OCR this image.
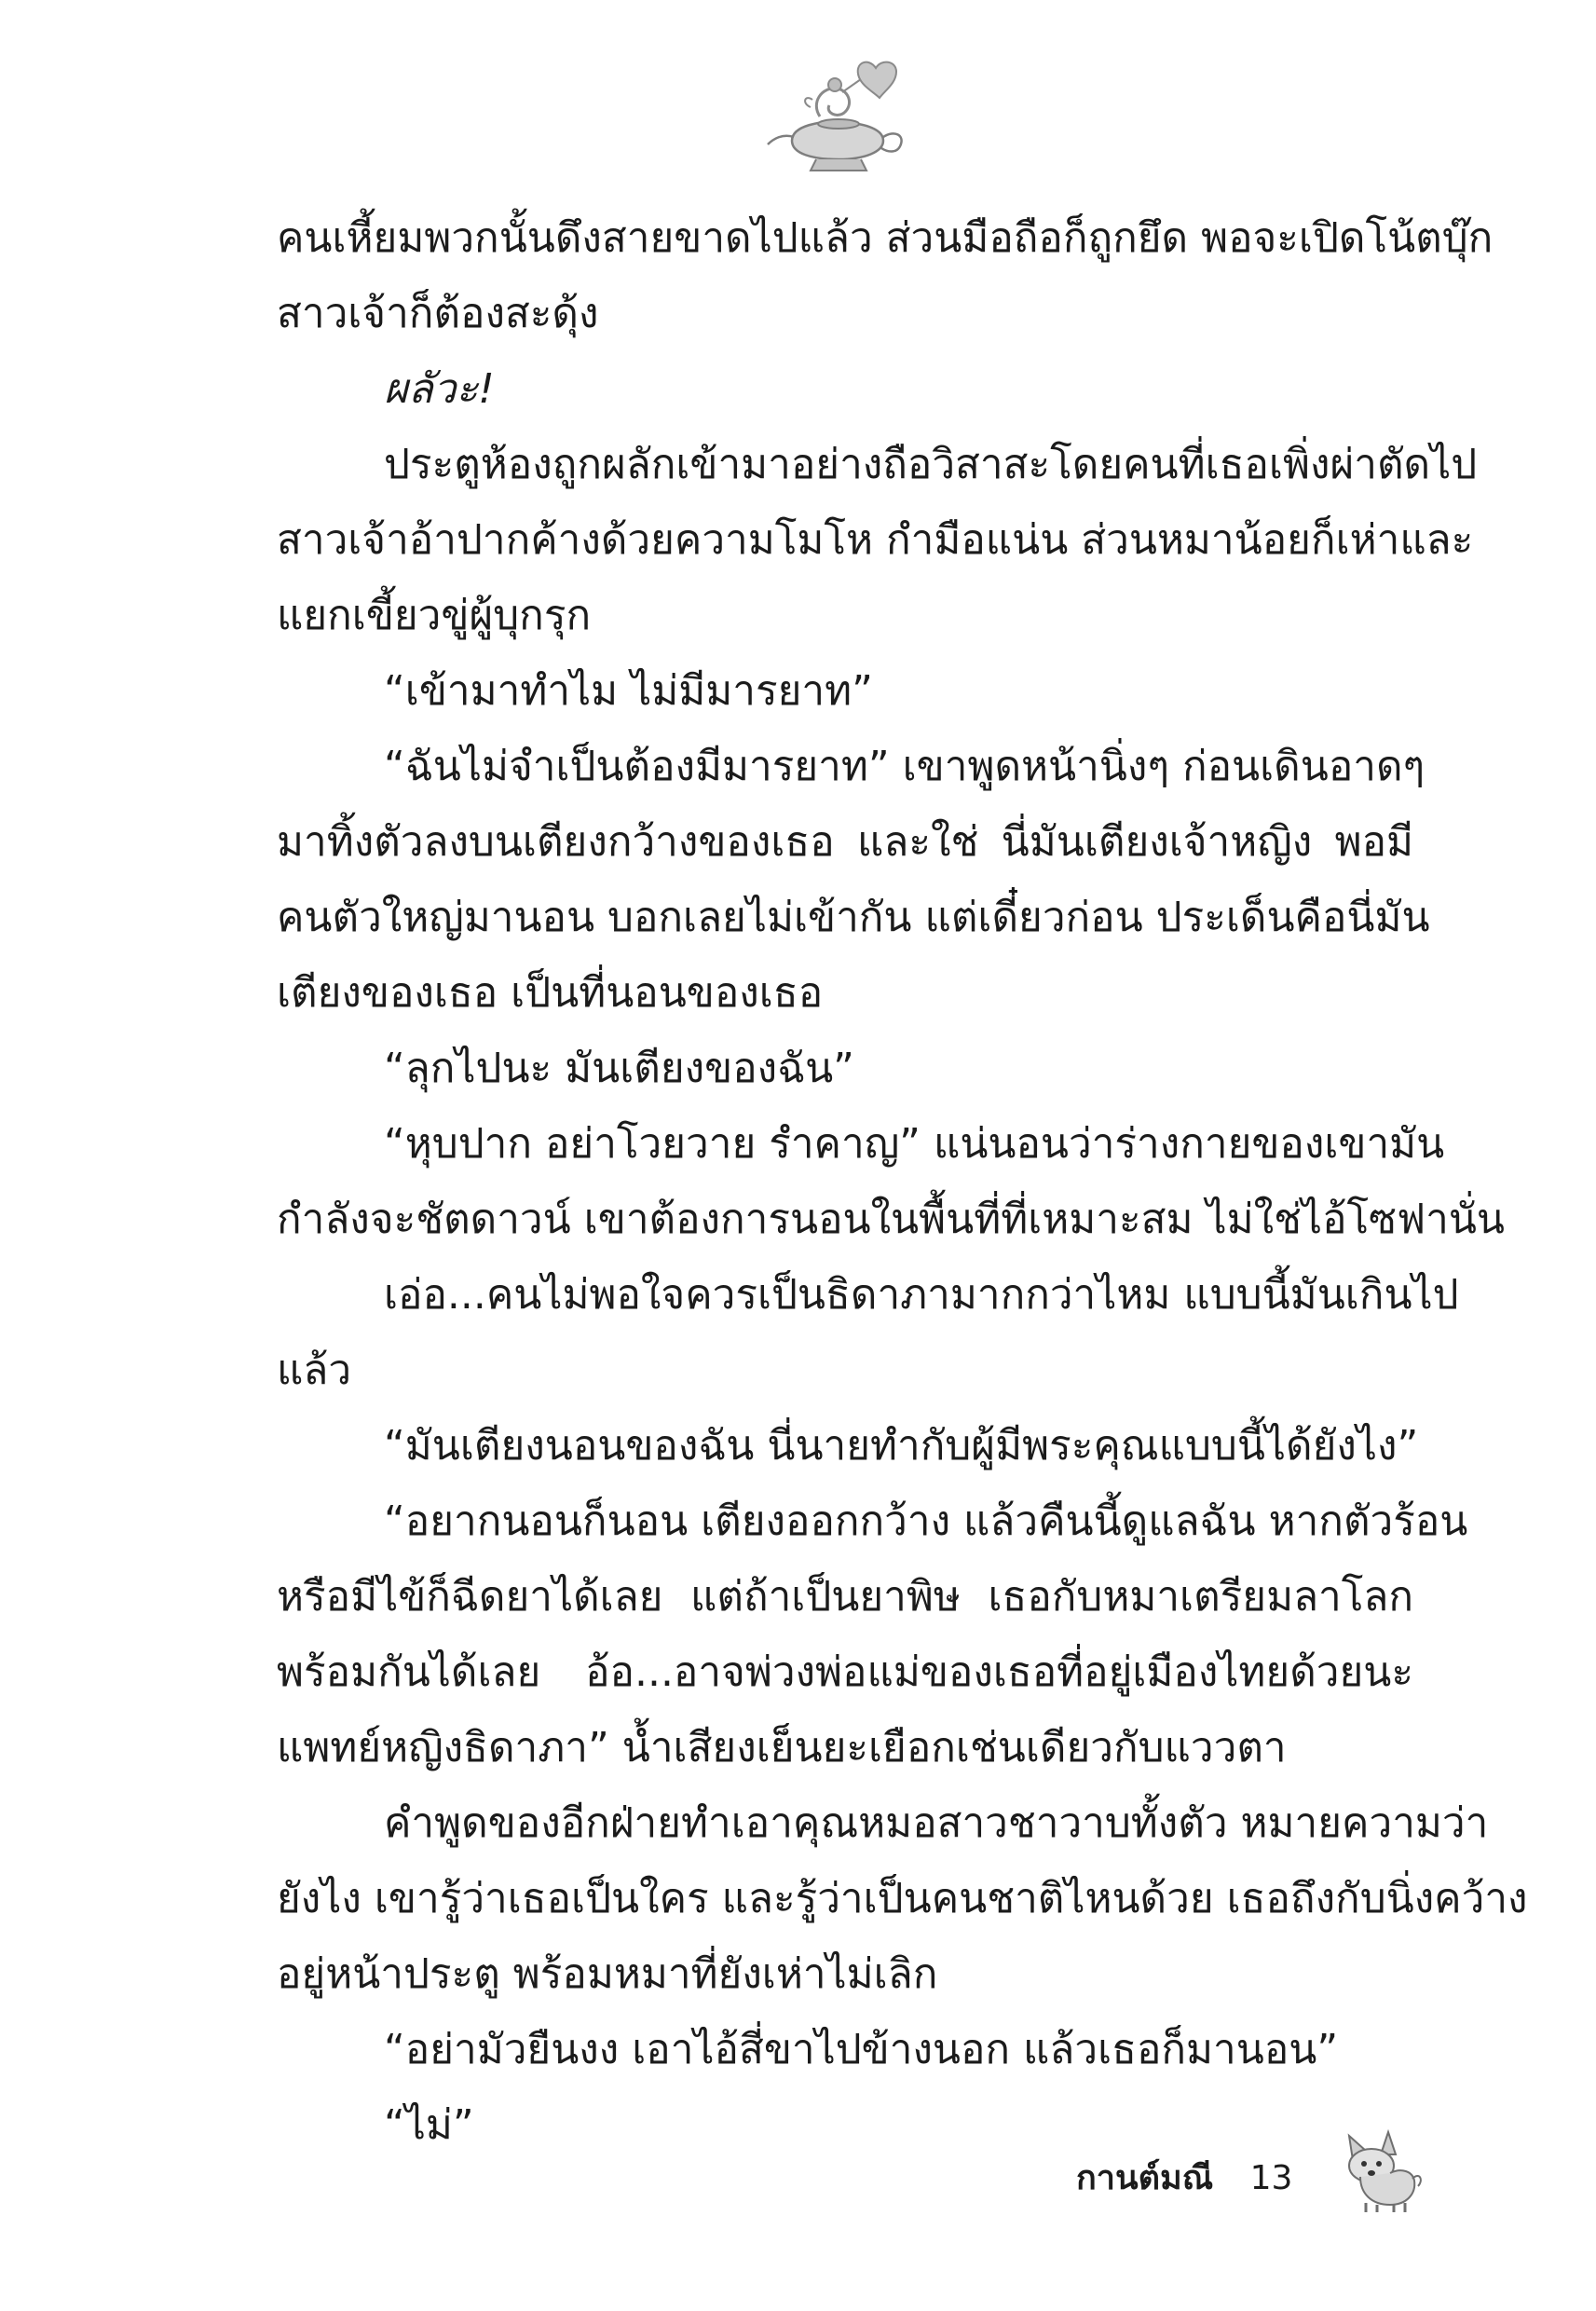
คนเหี้ยมพวกนั้นดึงสายขาดไปแล้ว ส่วนมือถือก็ถูกยึด พอจะเปิดโน้ตบุ๊ก
สาวเจ้าก็ต้องสะดุ้ง
ผลัวะ!
ประตูห้องถูกผลักเข้ามาอย่างถือวิสาสะโดยคนที่เธอเพิ่งผ่าตัดไป
สาวเจ้าอ้าปากค้างด้วยความโมโห กำมือแน่น ส่วนหมาน้อยก็เห่าและ
แยกเขี้ยวขู่ผู้บุกรุก
“เข้ามาทำไม ไม่มีมารยาท”
“ฉันไม่จำเป็นต้องมีมารยาท” เขาพูดหน้านิ่งๆ ก่อนเดินอาดๆ
มาทิ้งตัวลงบนเตียงกว้างของเธอ และใช่ นี่มันเตียงเจ้าหญิง พอมี
คนตัวใหญ่มานอน บอกเลยไม่เข้ากัน แต่เดี๋ยวก่อน ประเด็นคือนี่มัน
เตียงของเธอ เป็นที่นอนของเธอ
“ลุกไปนะ มันเตียงของฉัน”
“หุบปาก อย่าโวยวาย รำคาญ” แน่นอนว่าร่างกายของเขามัน
กำลังจะชัตดาวน์ เขาต้องการนอนในพื้นที่ที่เหมาะสม ไม่ใช่ไอ้โซฟานั่น
เอ่อ...คนไม่พอใจควรเป็นธิดาภามากกว่าไหม แบบนี้มันเกินไป
แล้ว
“มันเตียงนอนของฉัน นี่นายทำกับผู้มีพระคุณแบบนี้ได้ยังไง”
“อยากนอนก็นอน เตียงออกกว้าง แล้วคืนนี้ดูแลฉัน หากตัวร้อน
หรือมีไข้ก็ฉีดยาได้เลย แต่ถ้าเป็นยาพิษ เธอกับหมาเตรียมลาโลก
พร้อมกันได้เลย อ้อ...อาจพ่วงพ่อแม่ของเธอที่อยู่เมืองไทยด้วยนะ
แพทย์หญิงธิดาภา” น้ำเสียงเย็นยะเยือกเช่นเดียวกับแววตา
คำพูดของอีกฝ่ายทำเอาคุณหมอสาวชาวาบทั้งตัว หมายความว่า
ยังไง เขารู้ว่าเธอเป็นใคร และรู้ว่าเป็นคนชาติไหนด้วย เธอถึงกับนิ่งคว้าง
อยู่หน้าประตู พร้อมหมาที่ยังเห่าไม่เลิก
“อย่ามัวยืนงง เอาไอ้สี่ขาไปข้างนอก แล้วเธอก็มานอน”
“ไม่”
กานต์มณี 13
